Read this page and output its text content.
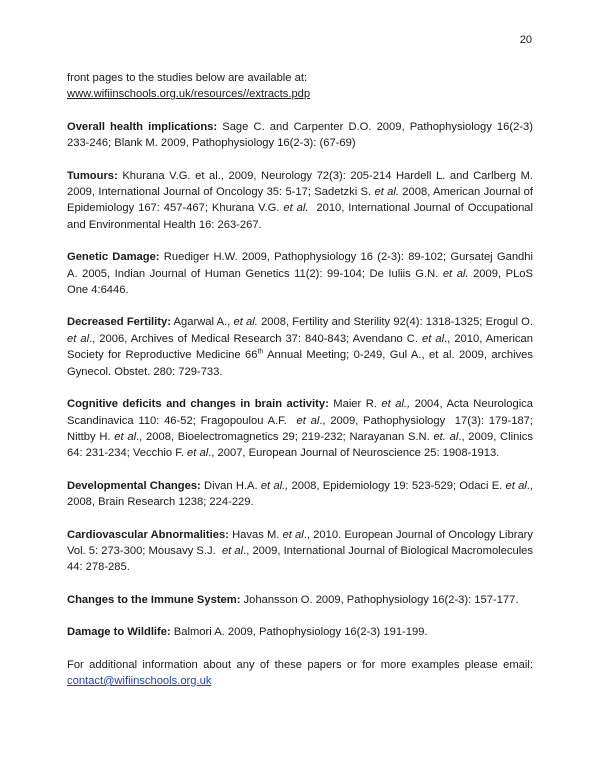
20
front pages to the studies below are available at:
www.wifiinschools.org.uk/resources//extracts.pdp

Overall health implications: Sage C. and Carpenter D.O. 2009, Pathophysiology 16(2-3) 233-246; Blank M. 2009, Pathophysiology 16(2-3): (67-69)

Tumours: Khurana V.G. et al., 2009, Neurology 72(3): 205-214 Hardell L. and Carlberg M. 2009, International Journal of Oncology 35: 5-17; Sadetzki S. et al. 2008, American Journal of Epidemiology 167: 457-467; Khurana V.G. et al.  2010, International Journal of Occupational and Environmental Health 16: 263-267.

Genetic Damage: Ruediger H.W. 2009, Pathophysiology 16 (2-3): 89-102; Gursatej Gandhi A. 2005, Indian Journal of Human Genetics 11(2): 99-104; De Iuliis G.N. et al. 2009, PLoS One 4:6446.

Decreased Fertility: Agarwal A., et al. 2008, Fertility and Sterility 92(4): 1318-1325; Erogul O. et al., 2006, Archives of Medical Research 37: 840-843; Avendano C. et al., 2010, American Society for Reproductive Medicine 66th Annual Meeting; 0-249, Gul A., et al. 2009, archives Gynecol. Obstet. 280: 729-733.

Cognitive deficits and changes in brain activity: Maier R. et al., 2004, Acta Neurologica Scandinavica 110: 46-52; Fragopoulou A.F.  et al., 2009, Pathophysiology  17(3): 179-187; Nittby H. et al., 2008, Bioelectromagnetics 29; 219-232; Narayanan S.N. et. al., 2009, Clinics 64: 231-234; Vecchio F. et al., 2007, European Journal of Neuroscience 25: 1908-1913.

Developmental Changes: Divan H.A. et al., 2008, Epidemiology 19: 523-529; Odaci E. et al., 2008, Brain Research 1238; 224-229.

Cardiovascular Abnormalities: Havas M. et al., 2010. European Journal of Oncology Library Vol. 5: 273-300; Mousavy S.J.  et al., 2009, International Journal of Biological Macromolecules 44: 278-285.

Changes to the Immune System: Johansson O. 2009, Pathophysiology 16(2-3): 157-177.

Damage to Wildlife: Balmori A. 2009, Pathophysiology 16(2-3) 191-199.

For additional information about any of these papers or for more examples please email: contact@wifiinschools.org.uk
